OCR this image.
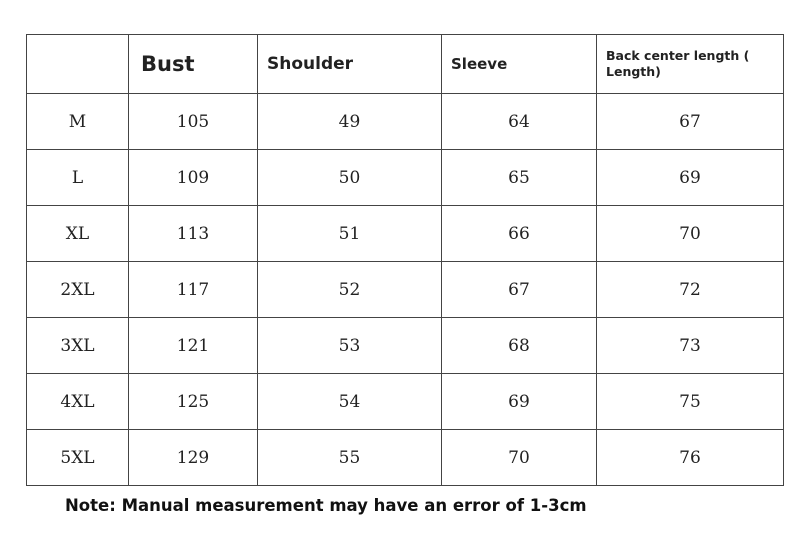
	Bust	Shoulder	Sleeve	Back center length ( Length)
M	105	49	64	67
L	109	50	65	69
XL	113	51	66	70
2XL	117	52	67	72
3XL	121	53	68	73
4XL	125	54	69	75
5XL	129	55	70	76
Note: Manual measurement may have an error of 1-3cm
